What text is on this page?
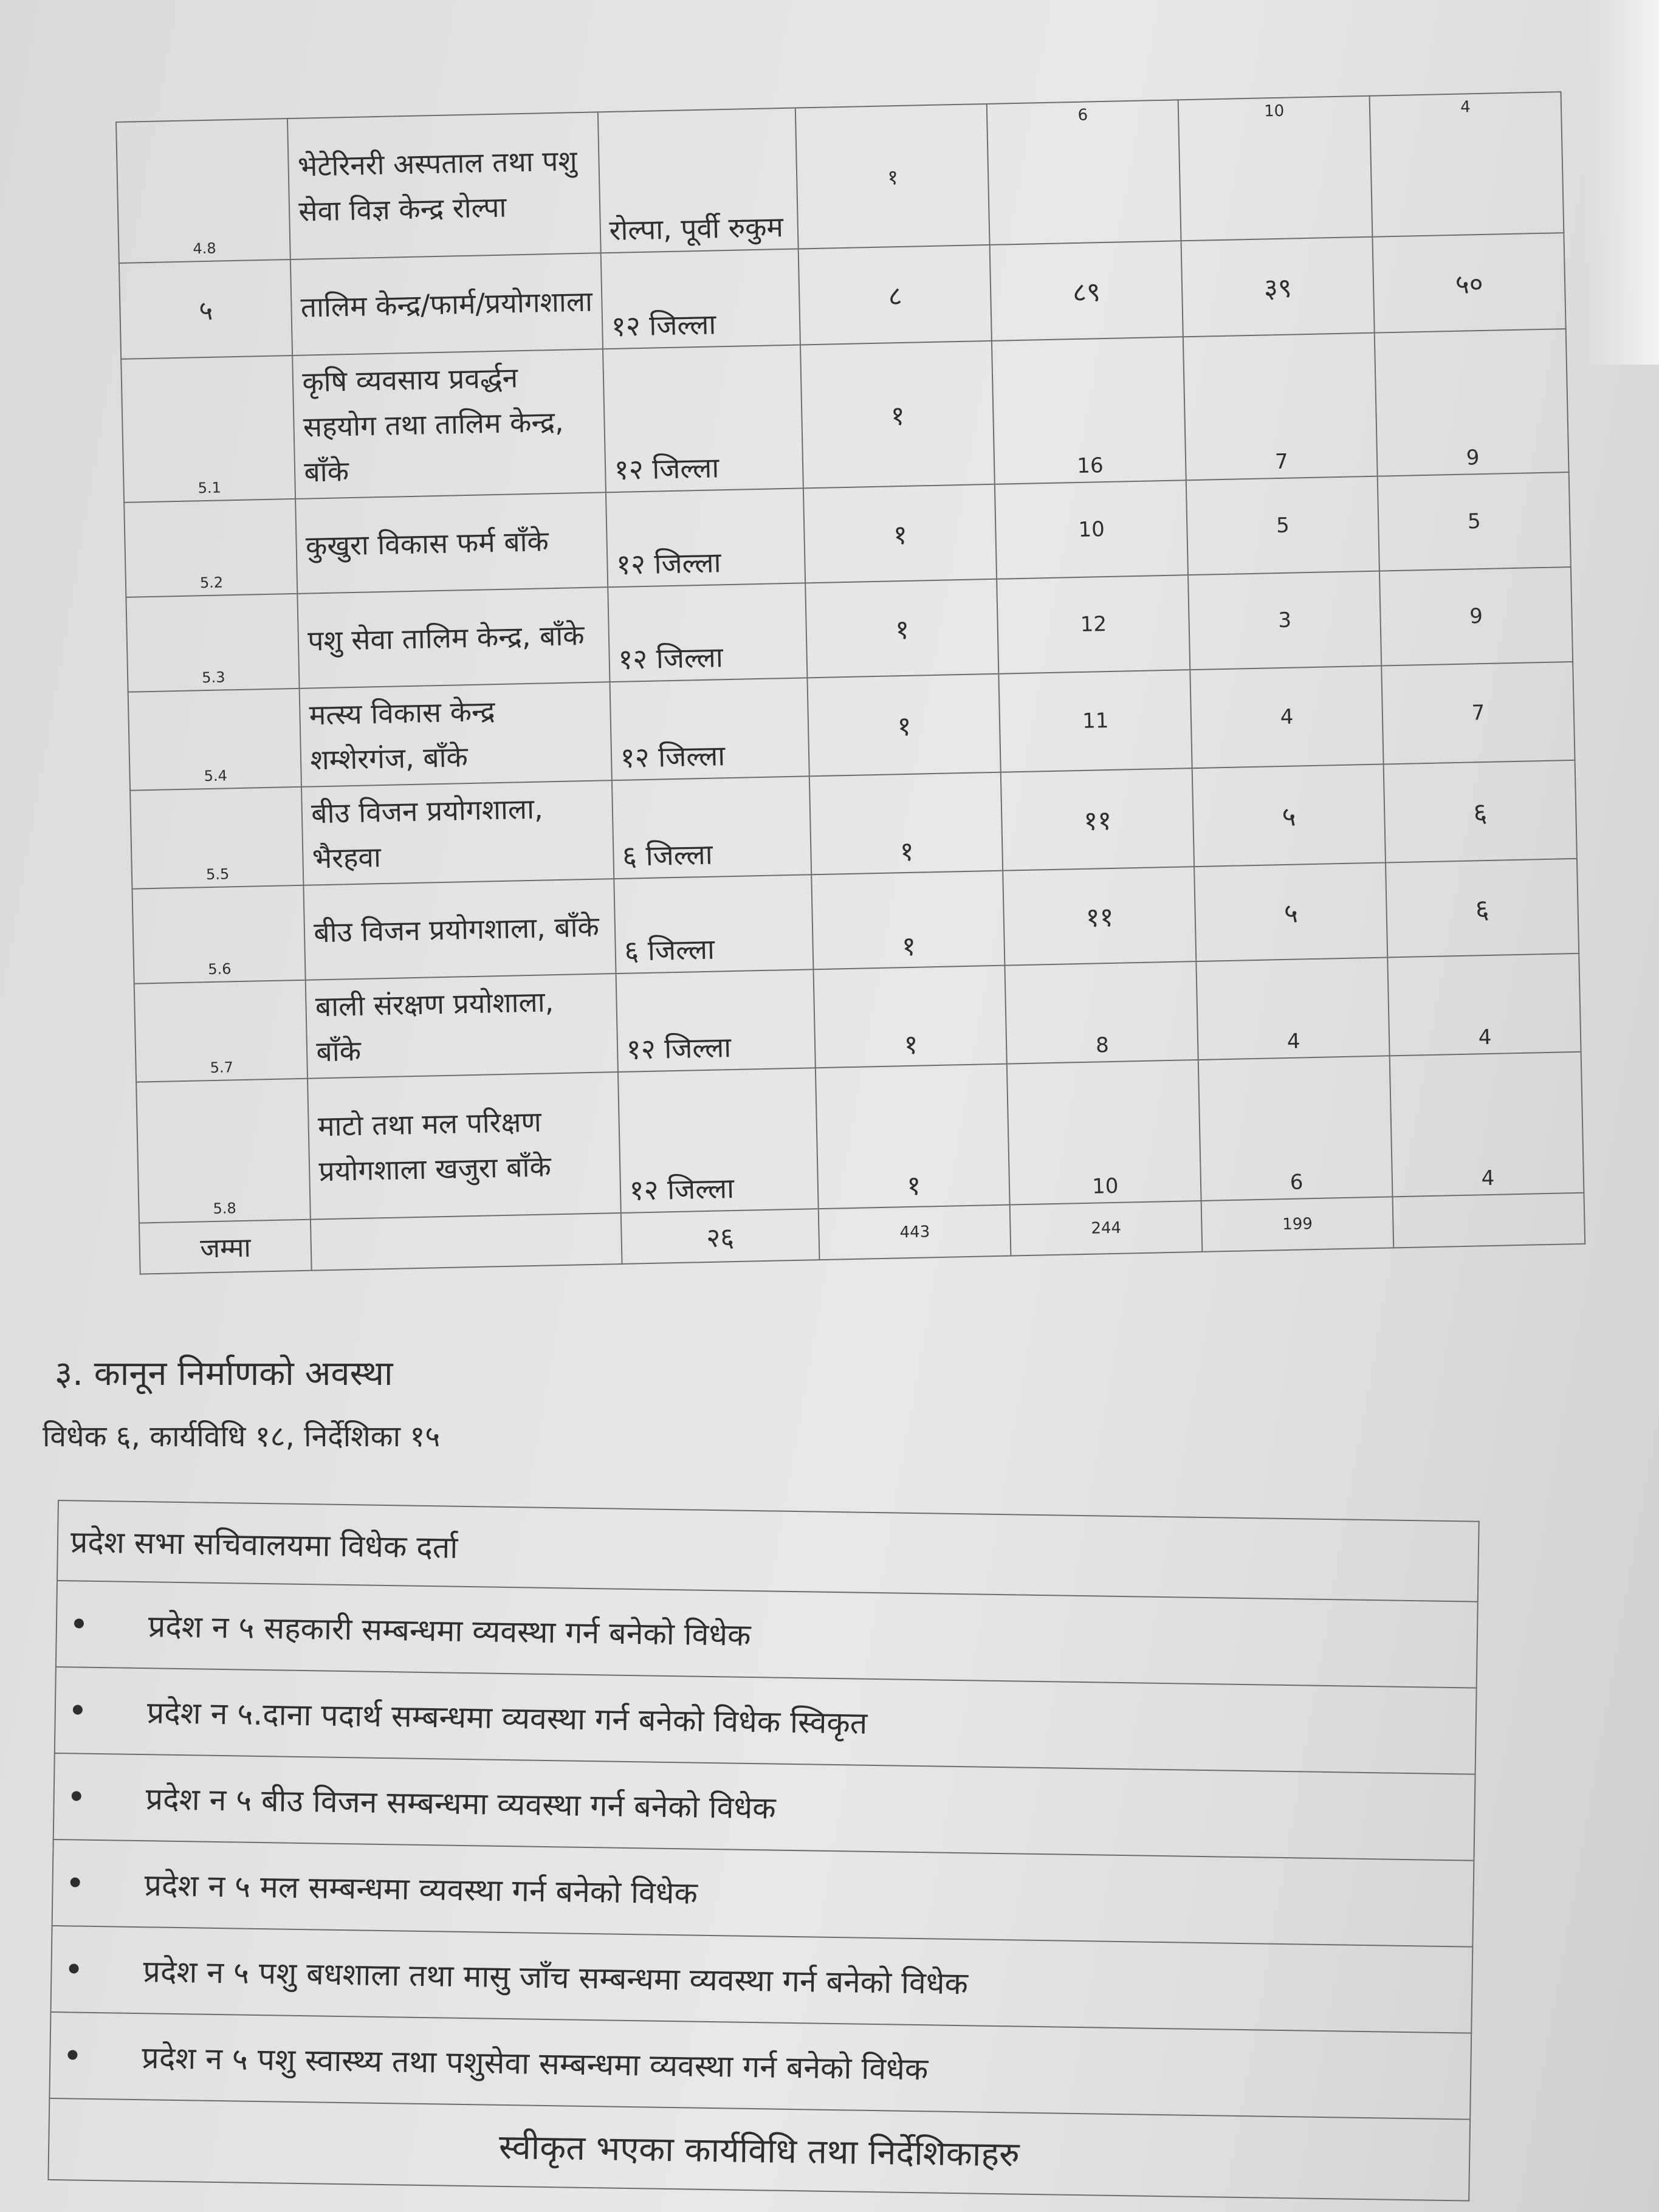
4.8	भेटेरिनरी अस्पताल तथा पशु सेवा विज्ञ केन्द्र रोल्पा	रोल्पा, पूर्वी रुकुम	१	6	10	4
५	तालिम केन्द्र/फार्म/प्रयोगशाला	१२ जिल्ला	८	८९	३९	५०
5.1	कृषि व्यवसाय प्रवर्द्धन सहयोग तथा तालिम केन्द्र, बाँके	१२ जिल्ला	१	16	7	9
5.2	कुखुरा विकास फर्म बाँके	१२ जिल्ला	१	10	5	5
5.3	पशु सेवा तालिम केन्द्र, बाँके	१२ जिल्ला	१	12	3	9
5.4	मत्स्य विकास केन्द्र शम्शेरगंज, बाँके	१२ जिल्ला	१	11	4	7
5.5	बीउ विजन प्रयोगशाला, भैरहवा	६ जिल्ला	१	११	५	६
5.6	बीउ विजन प्रयोगशाला, बाँके	६ जिल्ला	१	११	५	६
5.7	बाली संरक्षण प्रयोशाला, बाँके	१२ जिल्ला	१	8	4	4
5.8	माटो तथा मल परिक्षण प्रयोगशाला खजुरा बाँके	१२ जिल्ला	१	10	6	4
जम्मा		२६	443	244	199	
३. कानून निर्माणको अवस्था
विधेक ६, कार्यविधि १८, निर्देशिका १५
प्रदेश सभा सचिवालयमा विधेक दर्ता

प्रदेश न ५ सहकारी सम्बन्धमा व्यवस्था गर्न बनेको विधेक

प्रदेश न ५.दाना पदार्थ सम्बन्धमा व्यवस्था गर्न बनेको विधेक स्विकृत

प्रदेश न ५ बीउ विजन सम्बन्धमा व्यवस्था गर्न बनेको विधेक

प्रदेश न ५ मल सम्बन्धमा व्यवस्था गर्न बनेको विधेक

प्रदेश न ५ पशु बधशाला तथा मासु जाँच सम्बन्धमा व्यवस्था गर्न बनेको विधेक

प्रदेश न ५ पशु स्वास्थ्य तथा पशुसेवा सम्बन्धमा व्यवस्था गर्न बनेको विधेक
स्वीकृत भएका कार्यविधि तथा निर्देशिकाहरु
